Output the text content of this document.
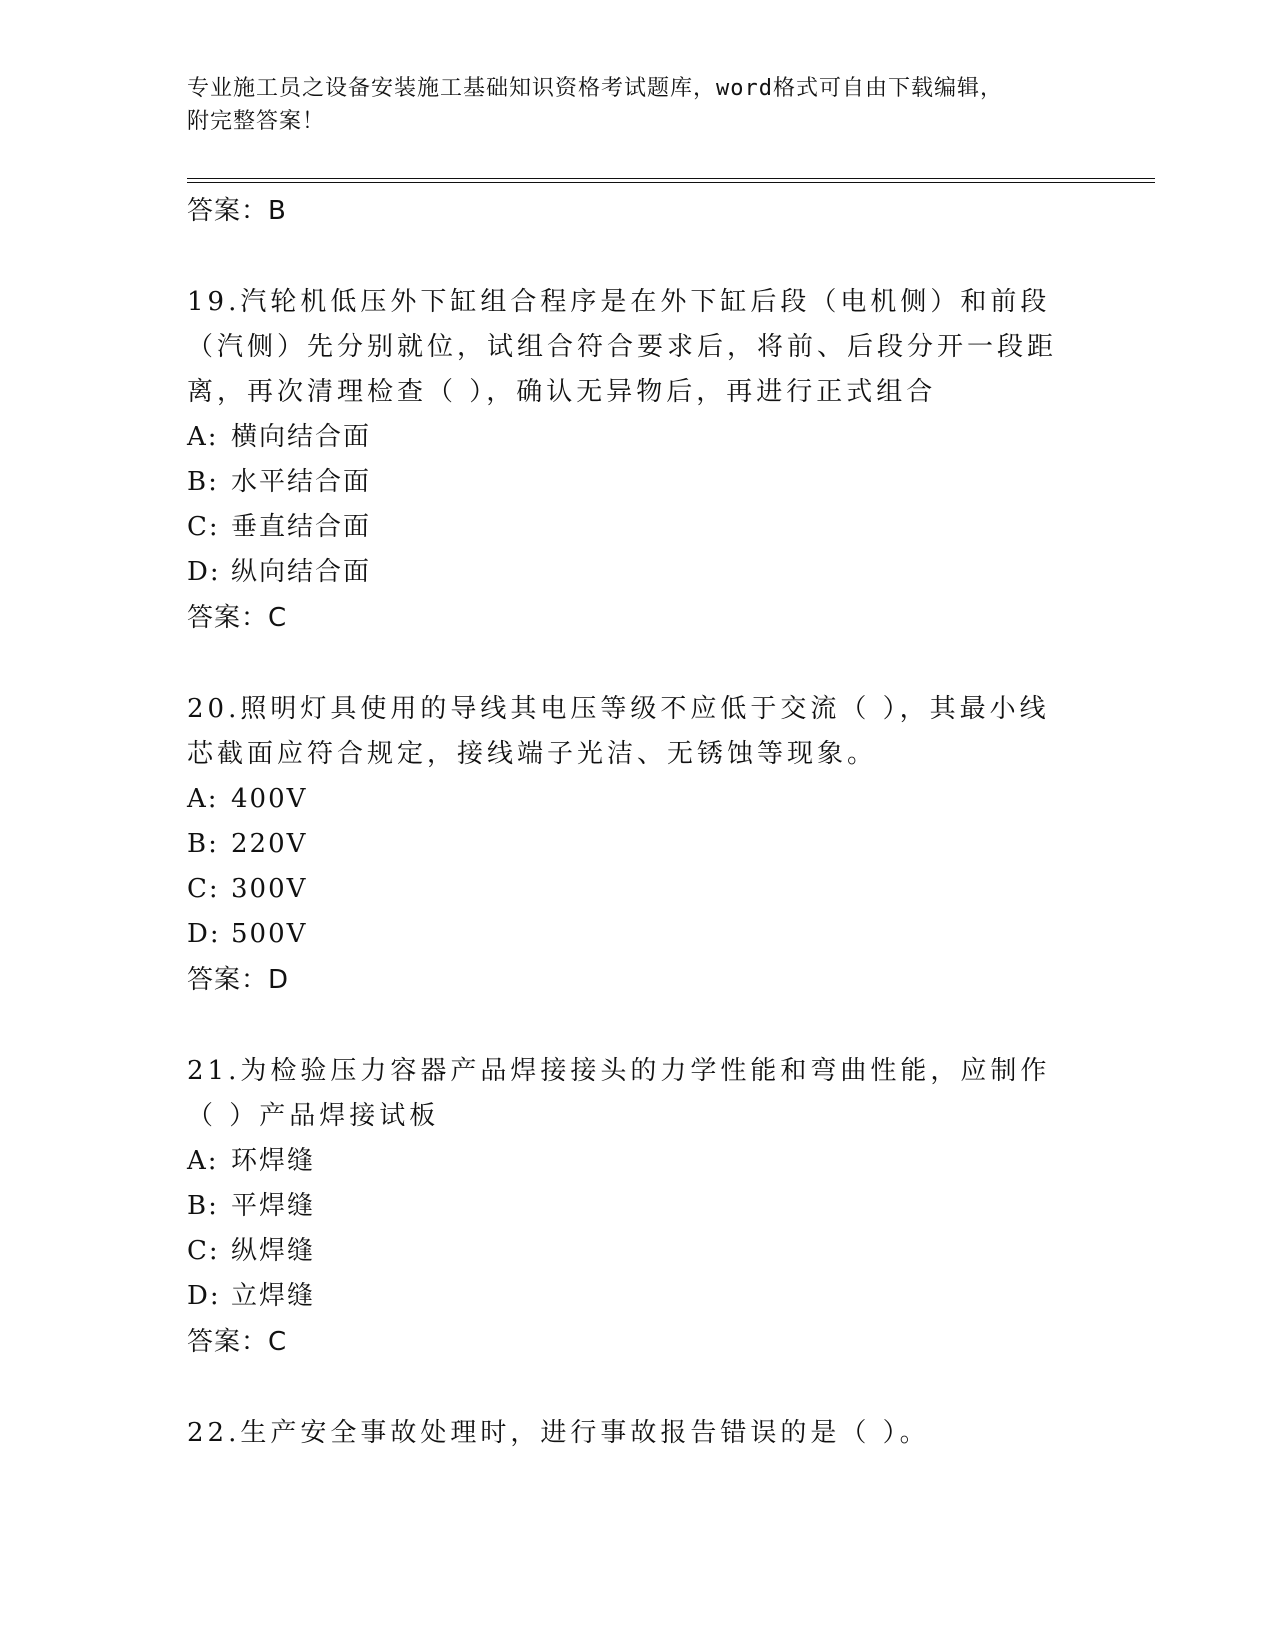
专业施工员之设备安装施工基础知识资格考试题库，word格式可自由下载编辑，
附完整答案！
答案：B
19.汽轮机低压外下缸组合程序是在外下缸后段（电机侧）和前段（汽侧）先分别就位，试组合符合要求后，将前、后段分开一段距离，再次清理检查（ ），确认无异物后，再进行正式组合
A: 横向结合面
B: 水平结合面
C: 垂直结合面
D: 纵向结合面
答案：C
20.照明灯具使用的导线其电压等级不应低于交流（ ），其最小线芯截面应符合规定，接线端子光洁、无锈蚀等现象。
A: 400V
B: 220V
C: 300V
D: 500V
答案：D
21.为检验压力容器产品焊接接头的力学性能和弯曲性能，应制作（ ）产品焊接试板
A: 环焊缝
B: 平焊缝
C: 纵焊缝
D: 立焊缝
答案：C
22.生产安全事故处理时，进行事故报告错误的是（ ）。
